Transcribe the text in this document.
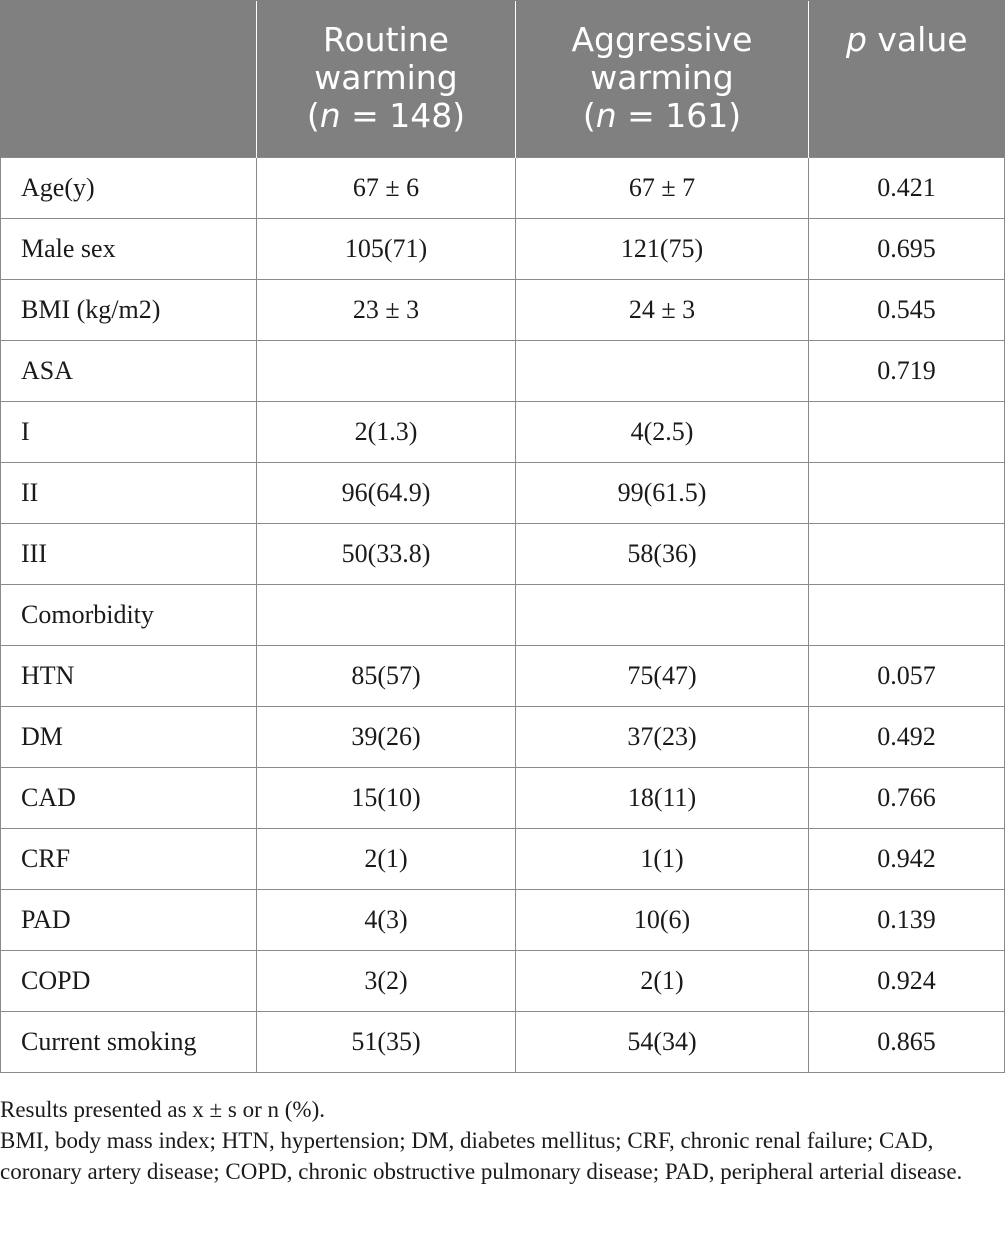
	Routine
warming
(n = 148)	Aggressive
warming
(n = 161)	p value

Age(y)	67 ± 6	67 ± 7	0.421
Male sex	105(71)	121(75)	0.695
BMI (kg/m2)	23 ± 3	24 ± 3	0.545
ASA			0.719
I	2(1.3)	4(2.5)	
II	96(64.9)	99(61.5)	
III	50(33.8)	58(36)	
Comorbidity			
HTN	85(57)	75(47)	0.057
DM	39(26)	37(23)	0.492
CAD	15(10)	18(11)	0.766
CRF	2(1)	1(1)	0.942
PAD	4(3)	10(6)	0.139
COPD	3(2)	2(1)	0.924
Current smoking	51(35)	54(34)	0.865

Results presented as x ± s or n (%).

BMI, body mass index; HTN, hypertension; DM, diabetes mellitus; CRF, chronic renal failure; CAD, coronary artery disease; COPD, chronic obstructive pulmonary disease; PAD, peripheral arterial disease.
